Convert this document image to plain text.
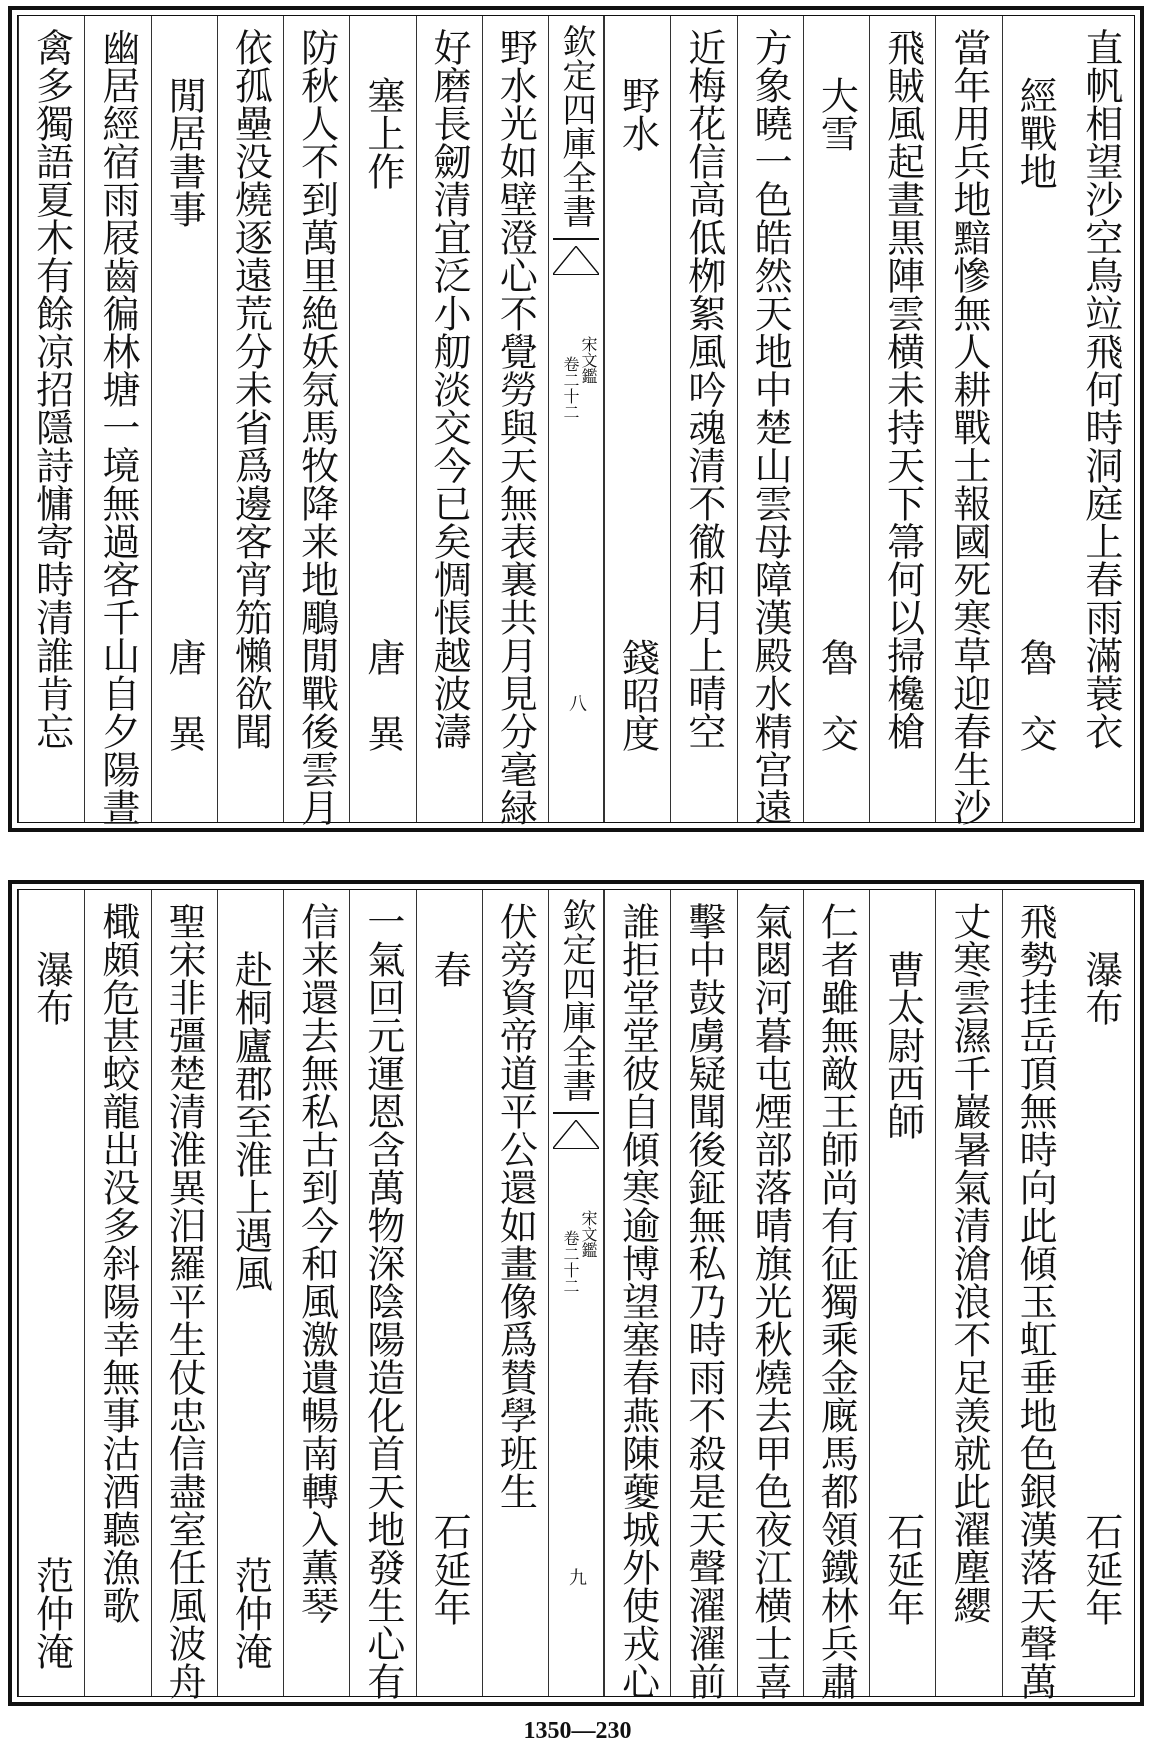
直帆相望沙空鳥竝飛何時洞庭上春雨滿蓑衣
經戰地
魯　交
當年用兵地黯慘無人耕戰士報國死寒草迎春生沙
飛賊風起晝黒陣雲横未持天下箒何以掃欃槍
大雪
魯　交
方象曉一色皓然天地中楚山雲母障漢殿水精宫遠
近梅花信高低栁絮風吟魂清不徹和月上晴空
野水
錢昭度
欽定四庫全書
宋文鑑
卷二十二
八
野水光如壁澄心不覺勞與天無表裏共月見分毫緑
好磨長劒清宜泛小舠淡交今已矣惆悵越波濤
塞上作
唐　異
防秋人不到萬里絶妖氛馬牧降来地鵰閒戰後雲月
依孤壘没燒逐遠荒分未省爲邊客宵笳懶欲聞
閒居書事
唐　異
幽居經宿雨屐齒徧林塘一境無過客千山自夕陽晝
禽多獨語夏木有餘凉招隱詩慵寄時清誰肯忘
瀑布
石延年
飛勢挂岳頂無時向此傾玉虹垂地色銀漢落天聲萬
丈寒雲濕千巖暑氣清滄浪不足羡就此濯塵纓
曹太尉西師
石延年
仁者雖無敵王師尚有征獨乘金廐馬都領鐵林兵肅
氣閟河暮屯煙部落晴旗光秋燒去甲色夜江横士喜
擊中鼓虜疑聞後鉦無私乃時雨不殺是天聲濯濯前
誰拒堂堂彼自傾寒逾博望塞春燕陳䕫城外使戎心
欽定四庫全書
宋文鑑
卷二十二
九
伏旁資帝道平公還如畫像爲賛學班生
春
石延年
一氣回元運恩含萬物深陰陽造化首天地發生心有
信来還去無私古到今和風激遺暢南轉入薫琴
赴桐廬郡至淮上遇風
范仲淹
聖宋非彊楚清淮異汨羅平生仗忠信盡室任風波舟
檝頗危甚蛟龍出没多斜陽幸無事沽酒聽漁歌
瀑布
范仲淹
1350—230
